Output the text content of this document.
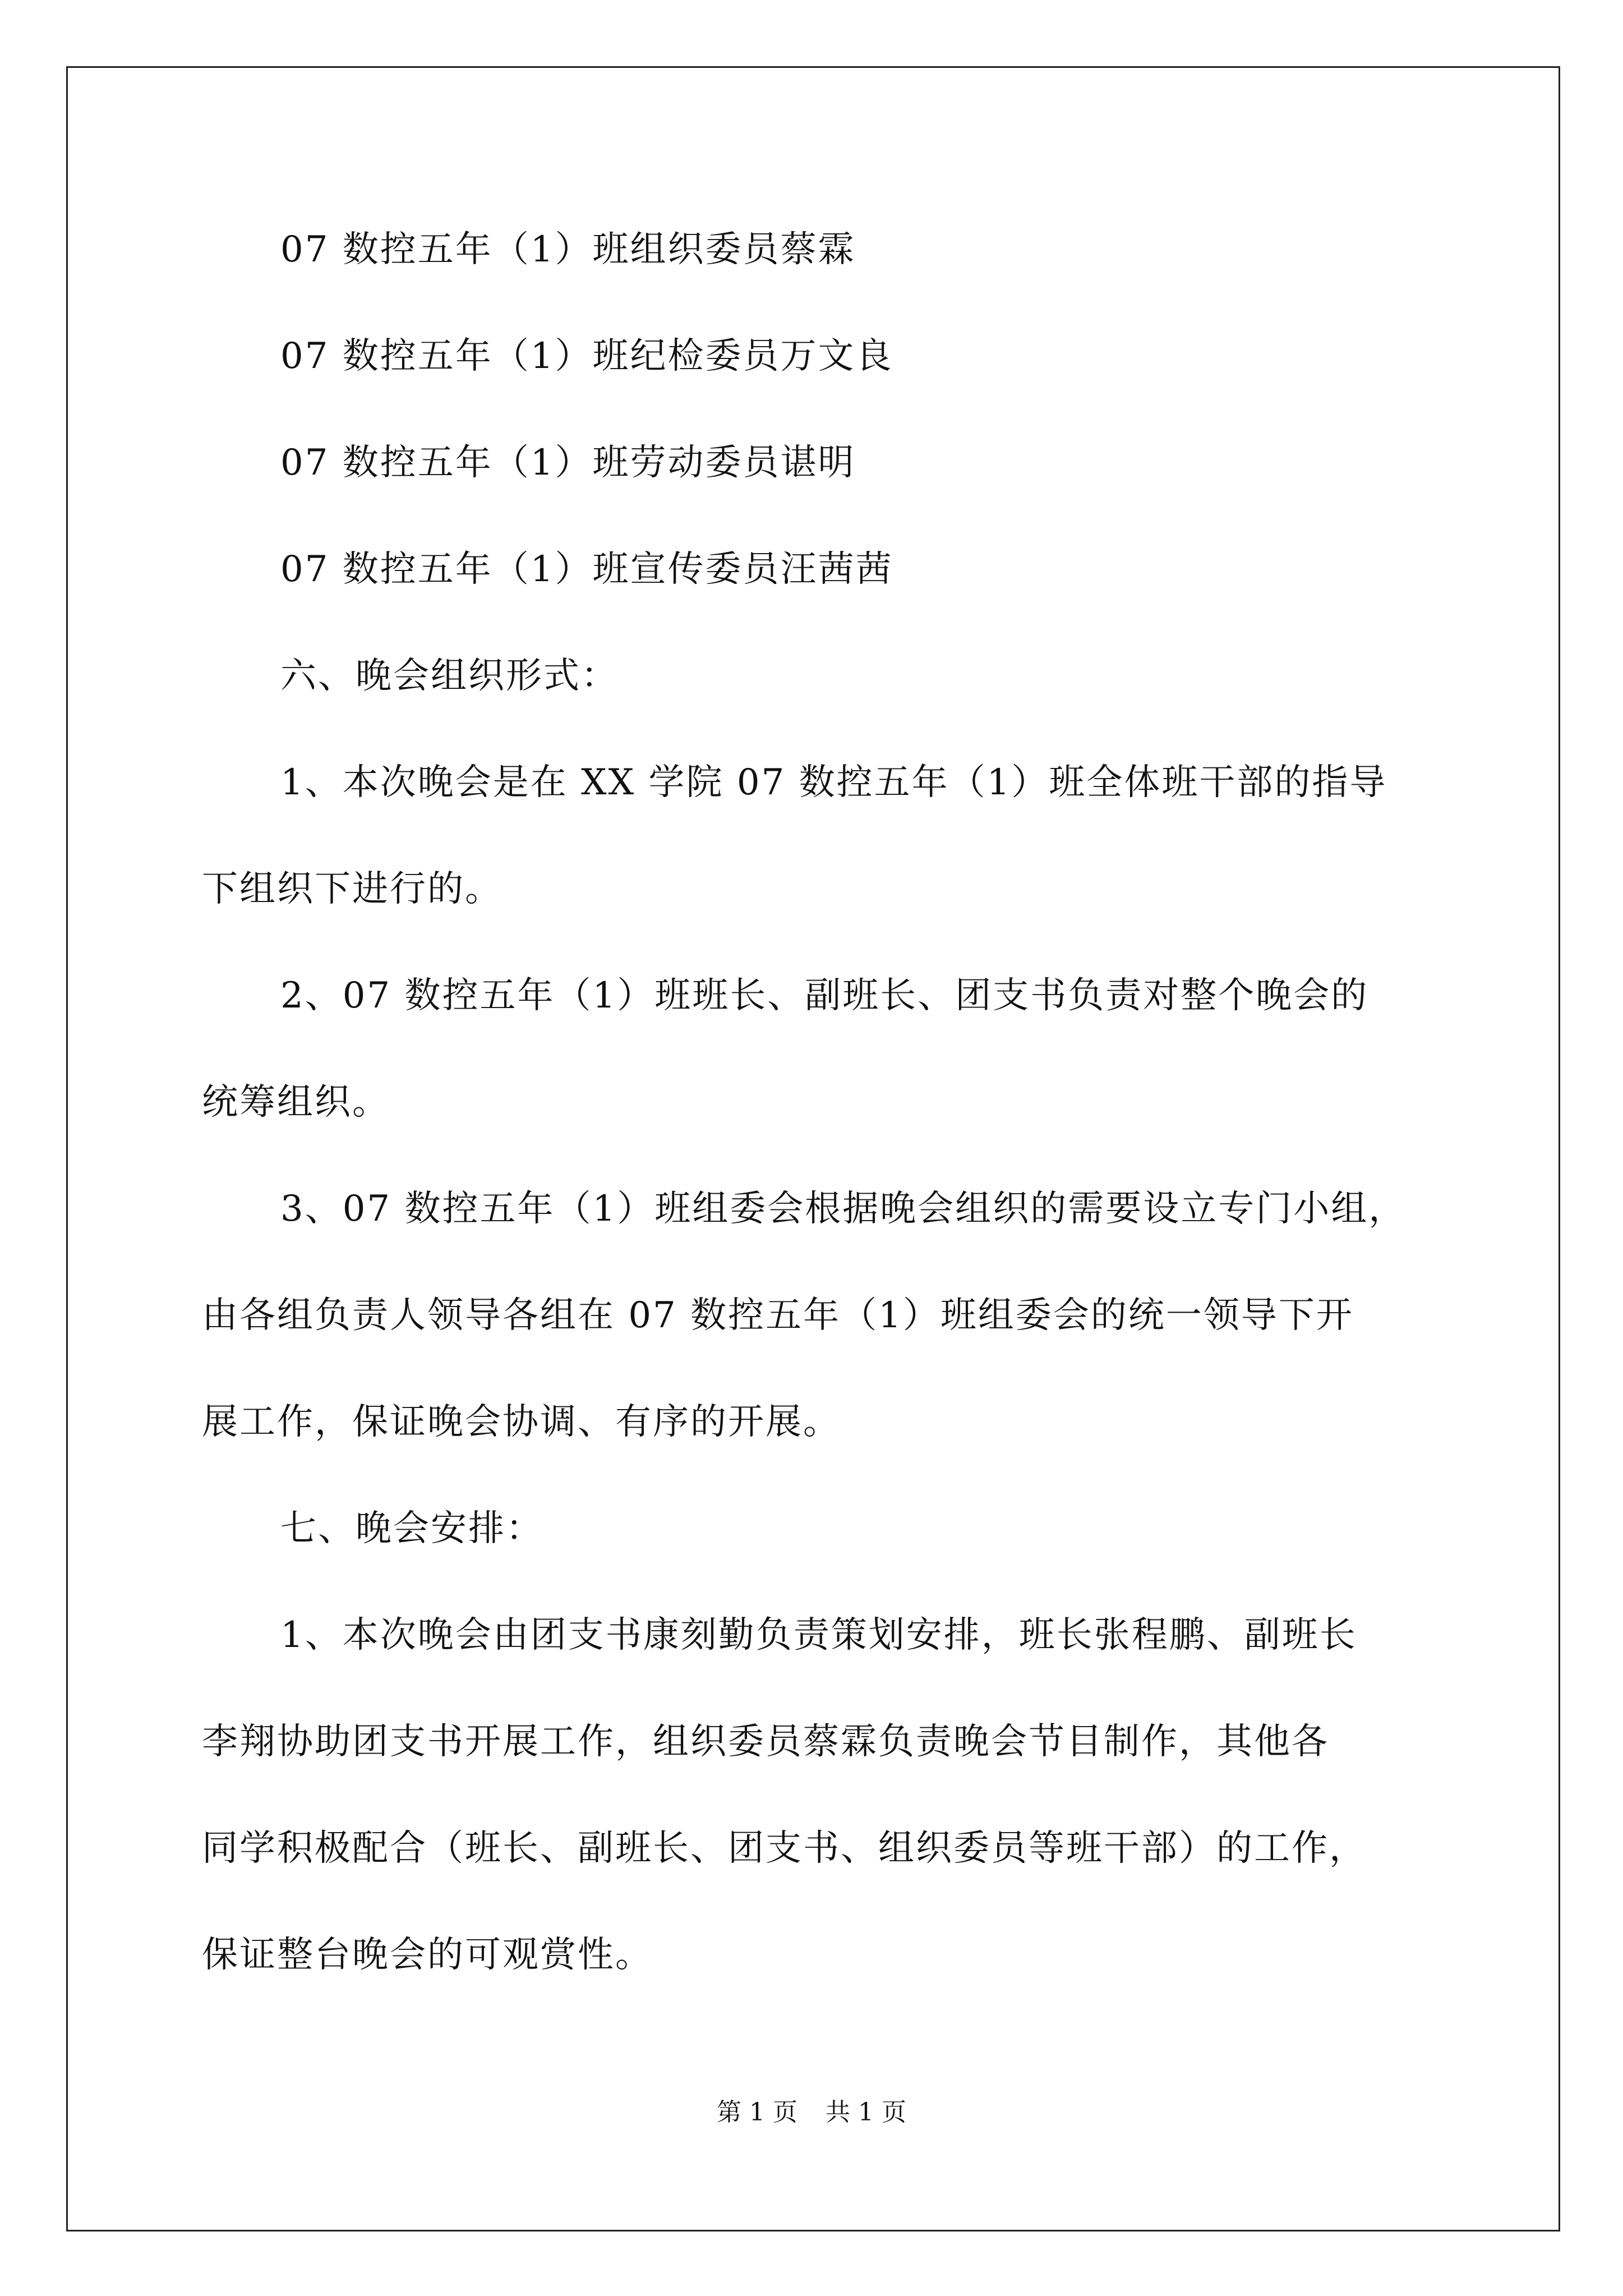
07 数控五年（1）班组织委员蔡霖
07 数控五年（1）班纪检委员万文良
07 数控五年（1）班劳动委员谌明
07 数控五年（1）班宣传委员汪茜茜
六、晚会组织形式：
1、本次晚会是在 XX 学院 07 数控五年（1）班全体班干部的指导
下组织下进行的。
2、07 数控五年（1）班班长、副班长、团支书负责对整个晚会的
统筹组织。
3、07 数控五年（1）班组委会根据晚会组织的需要设立专门小组，
由各组负责人领导各组在 07 数控五年（1）班组委会的统一领导下开
展工作，保证晚会协调、有序的开展。
七、晚会安排：
1、本次晚会由团支书康刻勤负责策划安排，班长张程鹏、副班长
李翔协助团支书开展工作，组织委员蔡霖负责晚会节目制作，其他各
同学积极配合（班长、副班长、团支书、组织委员等班干部）的工作，
保证整台晚会的可观赏性。
第 1 页 共 1 页
